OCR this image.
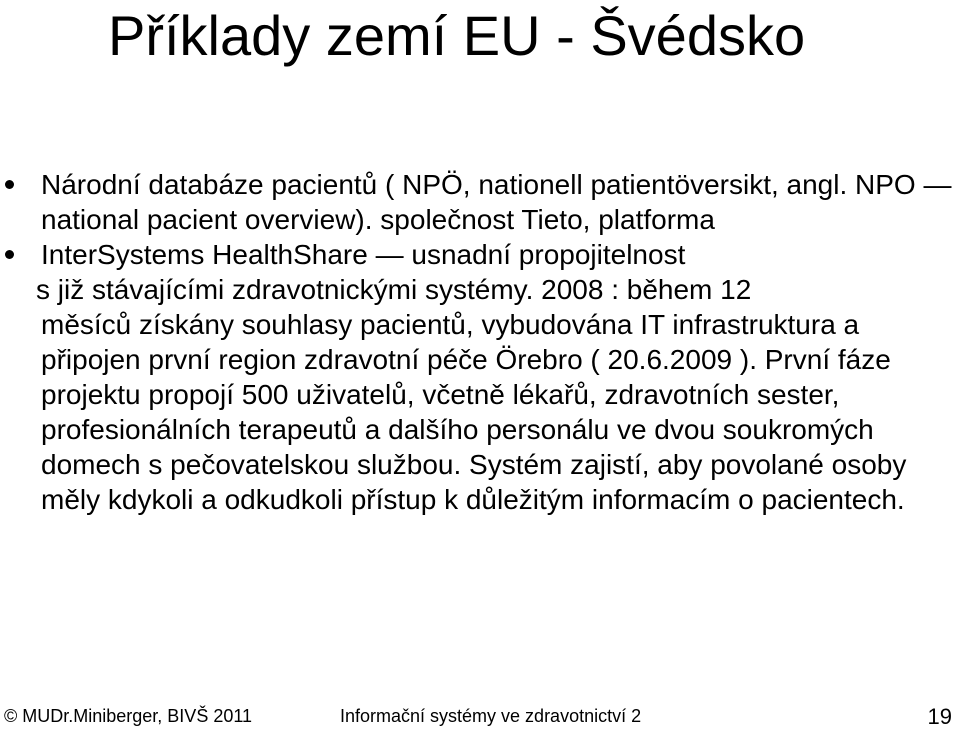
Příklady zemí EU - Švédsko
Národní databáze pacientů ( NPÖ, nationell patientöversikt, angl. NPO — national pacient overview). společnost Tieto, platforma
InterSystems HealthShare — usnadní propojitelnost
s již stávajícími zdravotnickými systémy. 2008 : během 12
měsíců získány souhlasy pacientů, vybudována IT infrastruktura a připojen první region zdravotní péče Örebro ( 20.6.2009 ). První fáze projektu propojí 500 uživatelů, včetně lékařů, zdravotních sester, profesionálních terapeutů a dalšího personálu ve dvou soukromých domech s pečovatelskou službou. Systém zajistí, aby povolané osoby měly kdykoli a odkudkoli přístup k důležitým informacím o pacientech.
© MUDr.Miniberger, BIVŠ 2011	Informační systémy ve zdravotnictví 2	19
